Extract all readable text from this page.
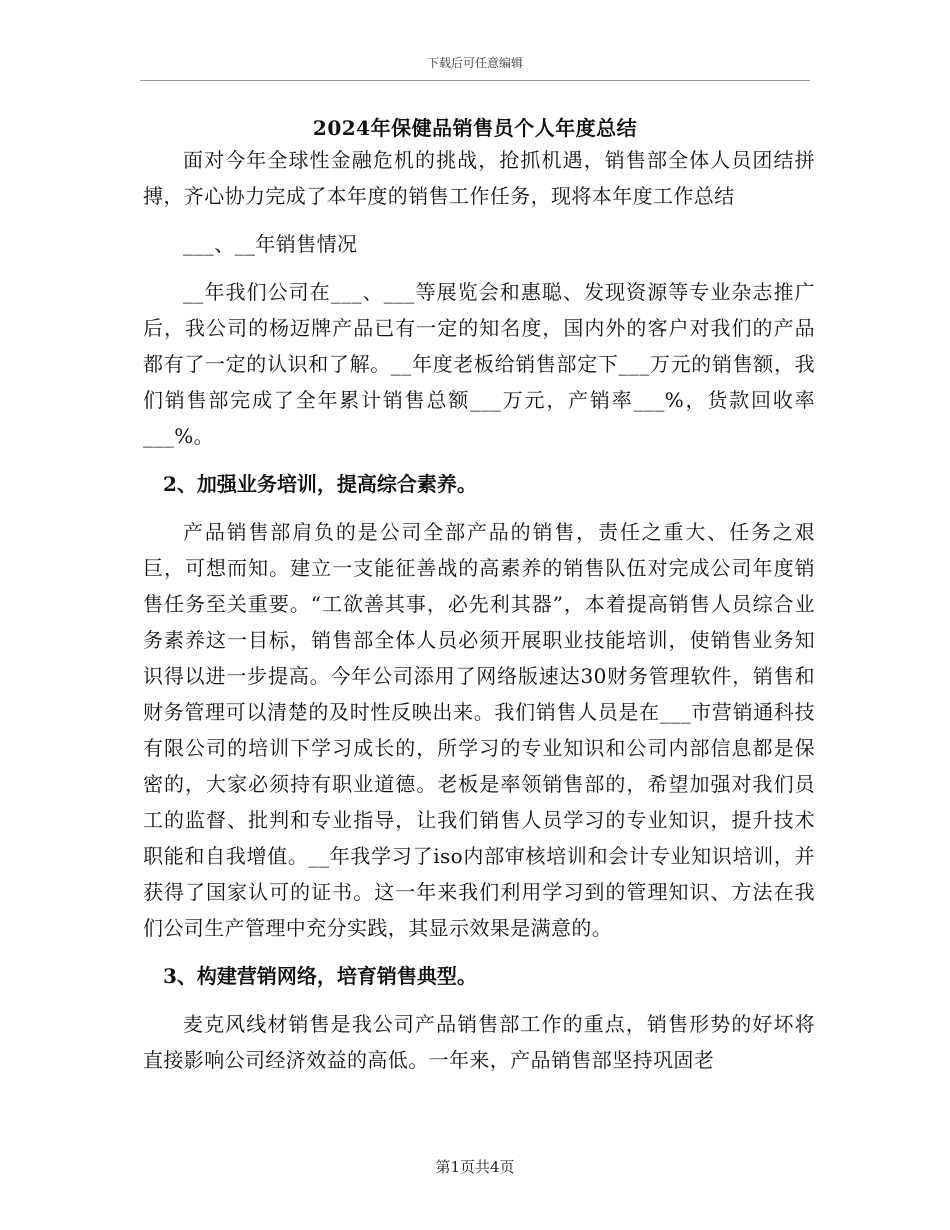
下载后可任意编辑
2024年保健品销售员个人年度总结

面对今年全球性金融危机的挑战，抢抓机遇，销售部全体人员团结拼搏，齐心协力完成了本年度的销售工作任务，现将本年度工作总结

___、__年销售情况

__年我们公司在___、___等展览会和惠聪、发现资源等专业杂志推广后，我公司的杨迈牌产品已有一定的知名度，国内外的客户对我们的产品都有了一定的认识和了解。__年度老板给销售部定下___万元的销售额，我们销售部完成了全年累计销售总额___万元，产销率___%，货款回收率___%。

2、加强业务培训，提高综合素养。

产品销售部肩负的是公司全部产品的销售，责任之重大、任务之艰巨，可想而知。建立一支能征善战的高素养的销售队伍对完成公司年度销售任务至关重要。“工欲善其事，必先利其器”，本着提高销售人员综合业务素养这一目标，销售部全体人员必须开展职业技能培训，使销售业务知识得以进一步提高。今年公司添用了网络版速达30财务管理软件，销售和财务管理可以清楚的及时性反映出来。我们销售人员是在___市营销通科技有限公司的培训下学习成长的，所学习的专业知识和公司内部信息都是保密的，大家必须持有职业道德。老板是率领销售部的，希望加强对我们员工的监督、批判和专业指导，让我们销售人员学习的专业知识，提升技术职能和自我增值。__年我学习了iso内部审核培训和会计专业知识培训，并获得了国家认可的证书。这一年来我们利用学习到的管理知识、方法在我们公司生产管理中充分实践，其显示效果是满意的。

3、构建营销网络，培育销售典型。

麦克风线材销售是我公司产品销售部工作的重点，销售形势的好坏将直接影响公司经济效益的高低。一年来，产品销售部坚持巩固老

第1页共4页
